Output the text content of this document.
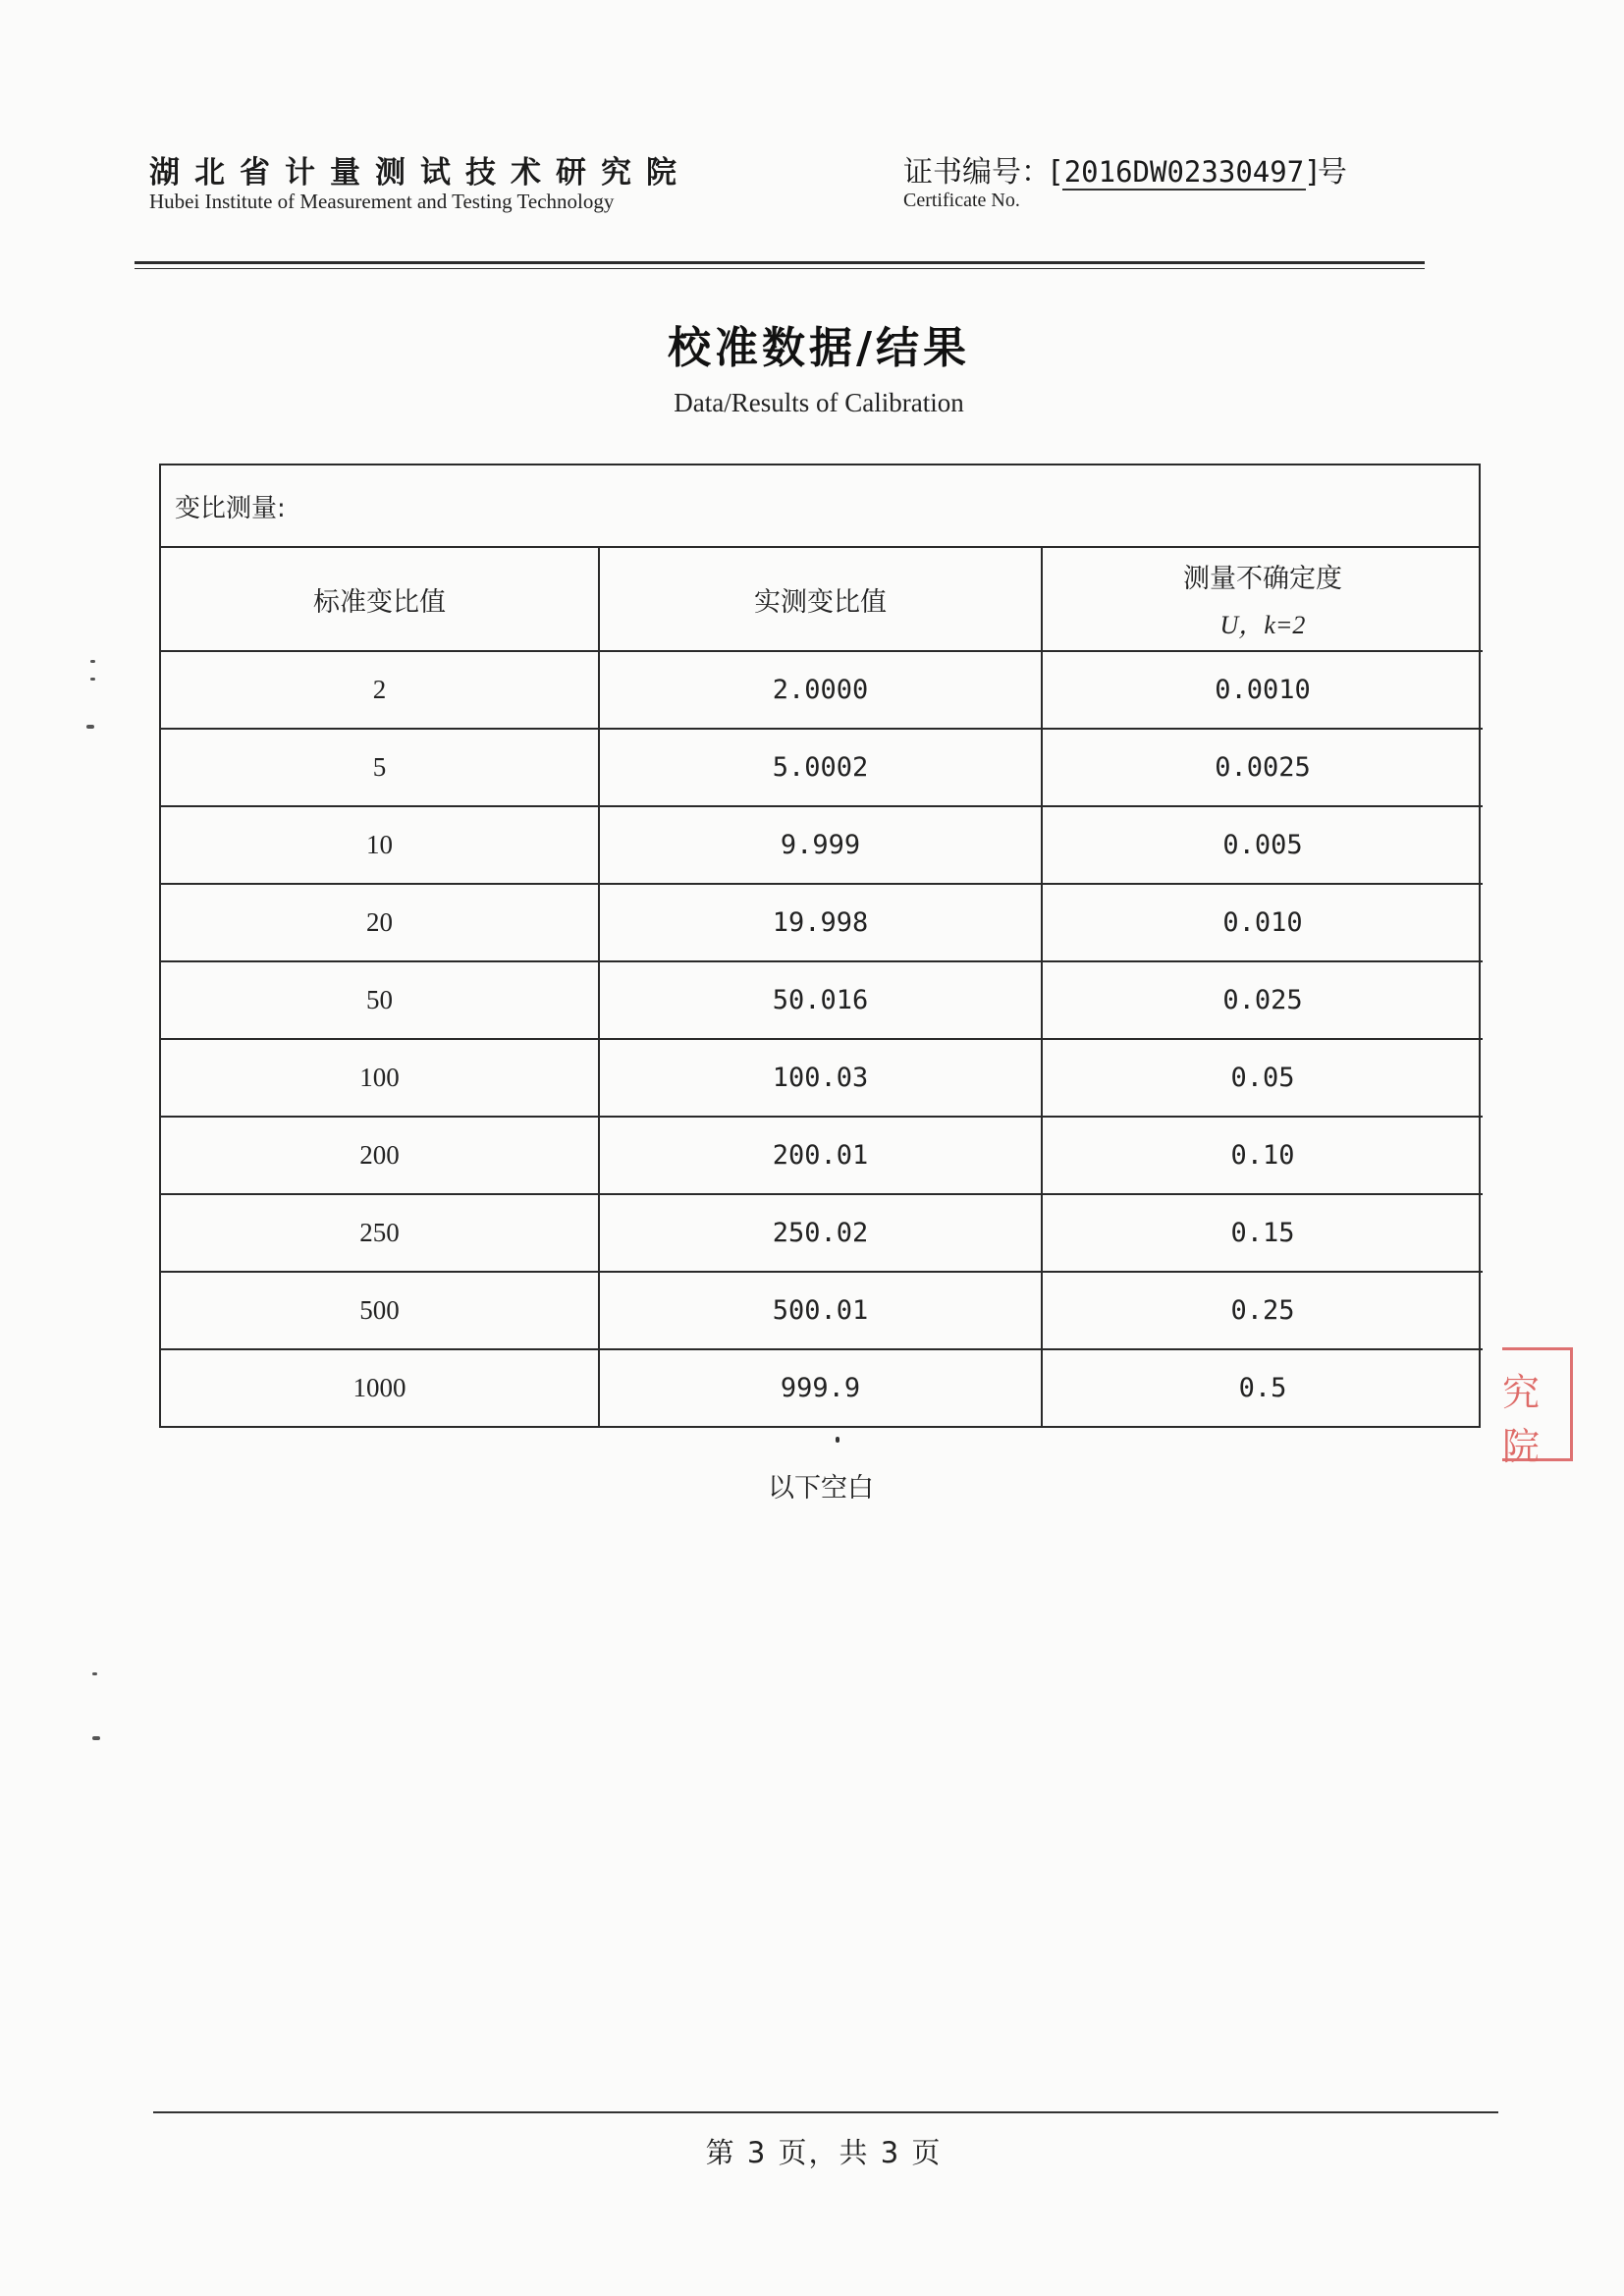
湖北省计量测试技术研究院
Hubei Institute of Measurement and Testing Technology
证书编号：[2016DW02330497]号
Certificate No.
校准数据/结果
Data/Results of Calibration
变比测量:
标准变比值	实测变比值	测量不确定度
U，k=2

2	2.0000	0.0010
5	5.0002	0.0025
10	9.999	0.005
20	19.998	0.010
50	50.016	0.025
100	100.03	0.05
200	200.01	0.10
250	250.02	0.15
500	500.01	0.25
1000	999.9	0.5
以下空白
究院
第 3 页，共 3 页
